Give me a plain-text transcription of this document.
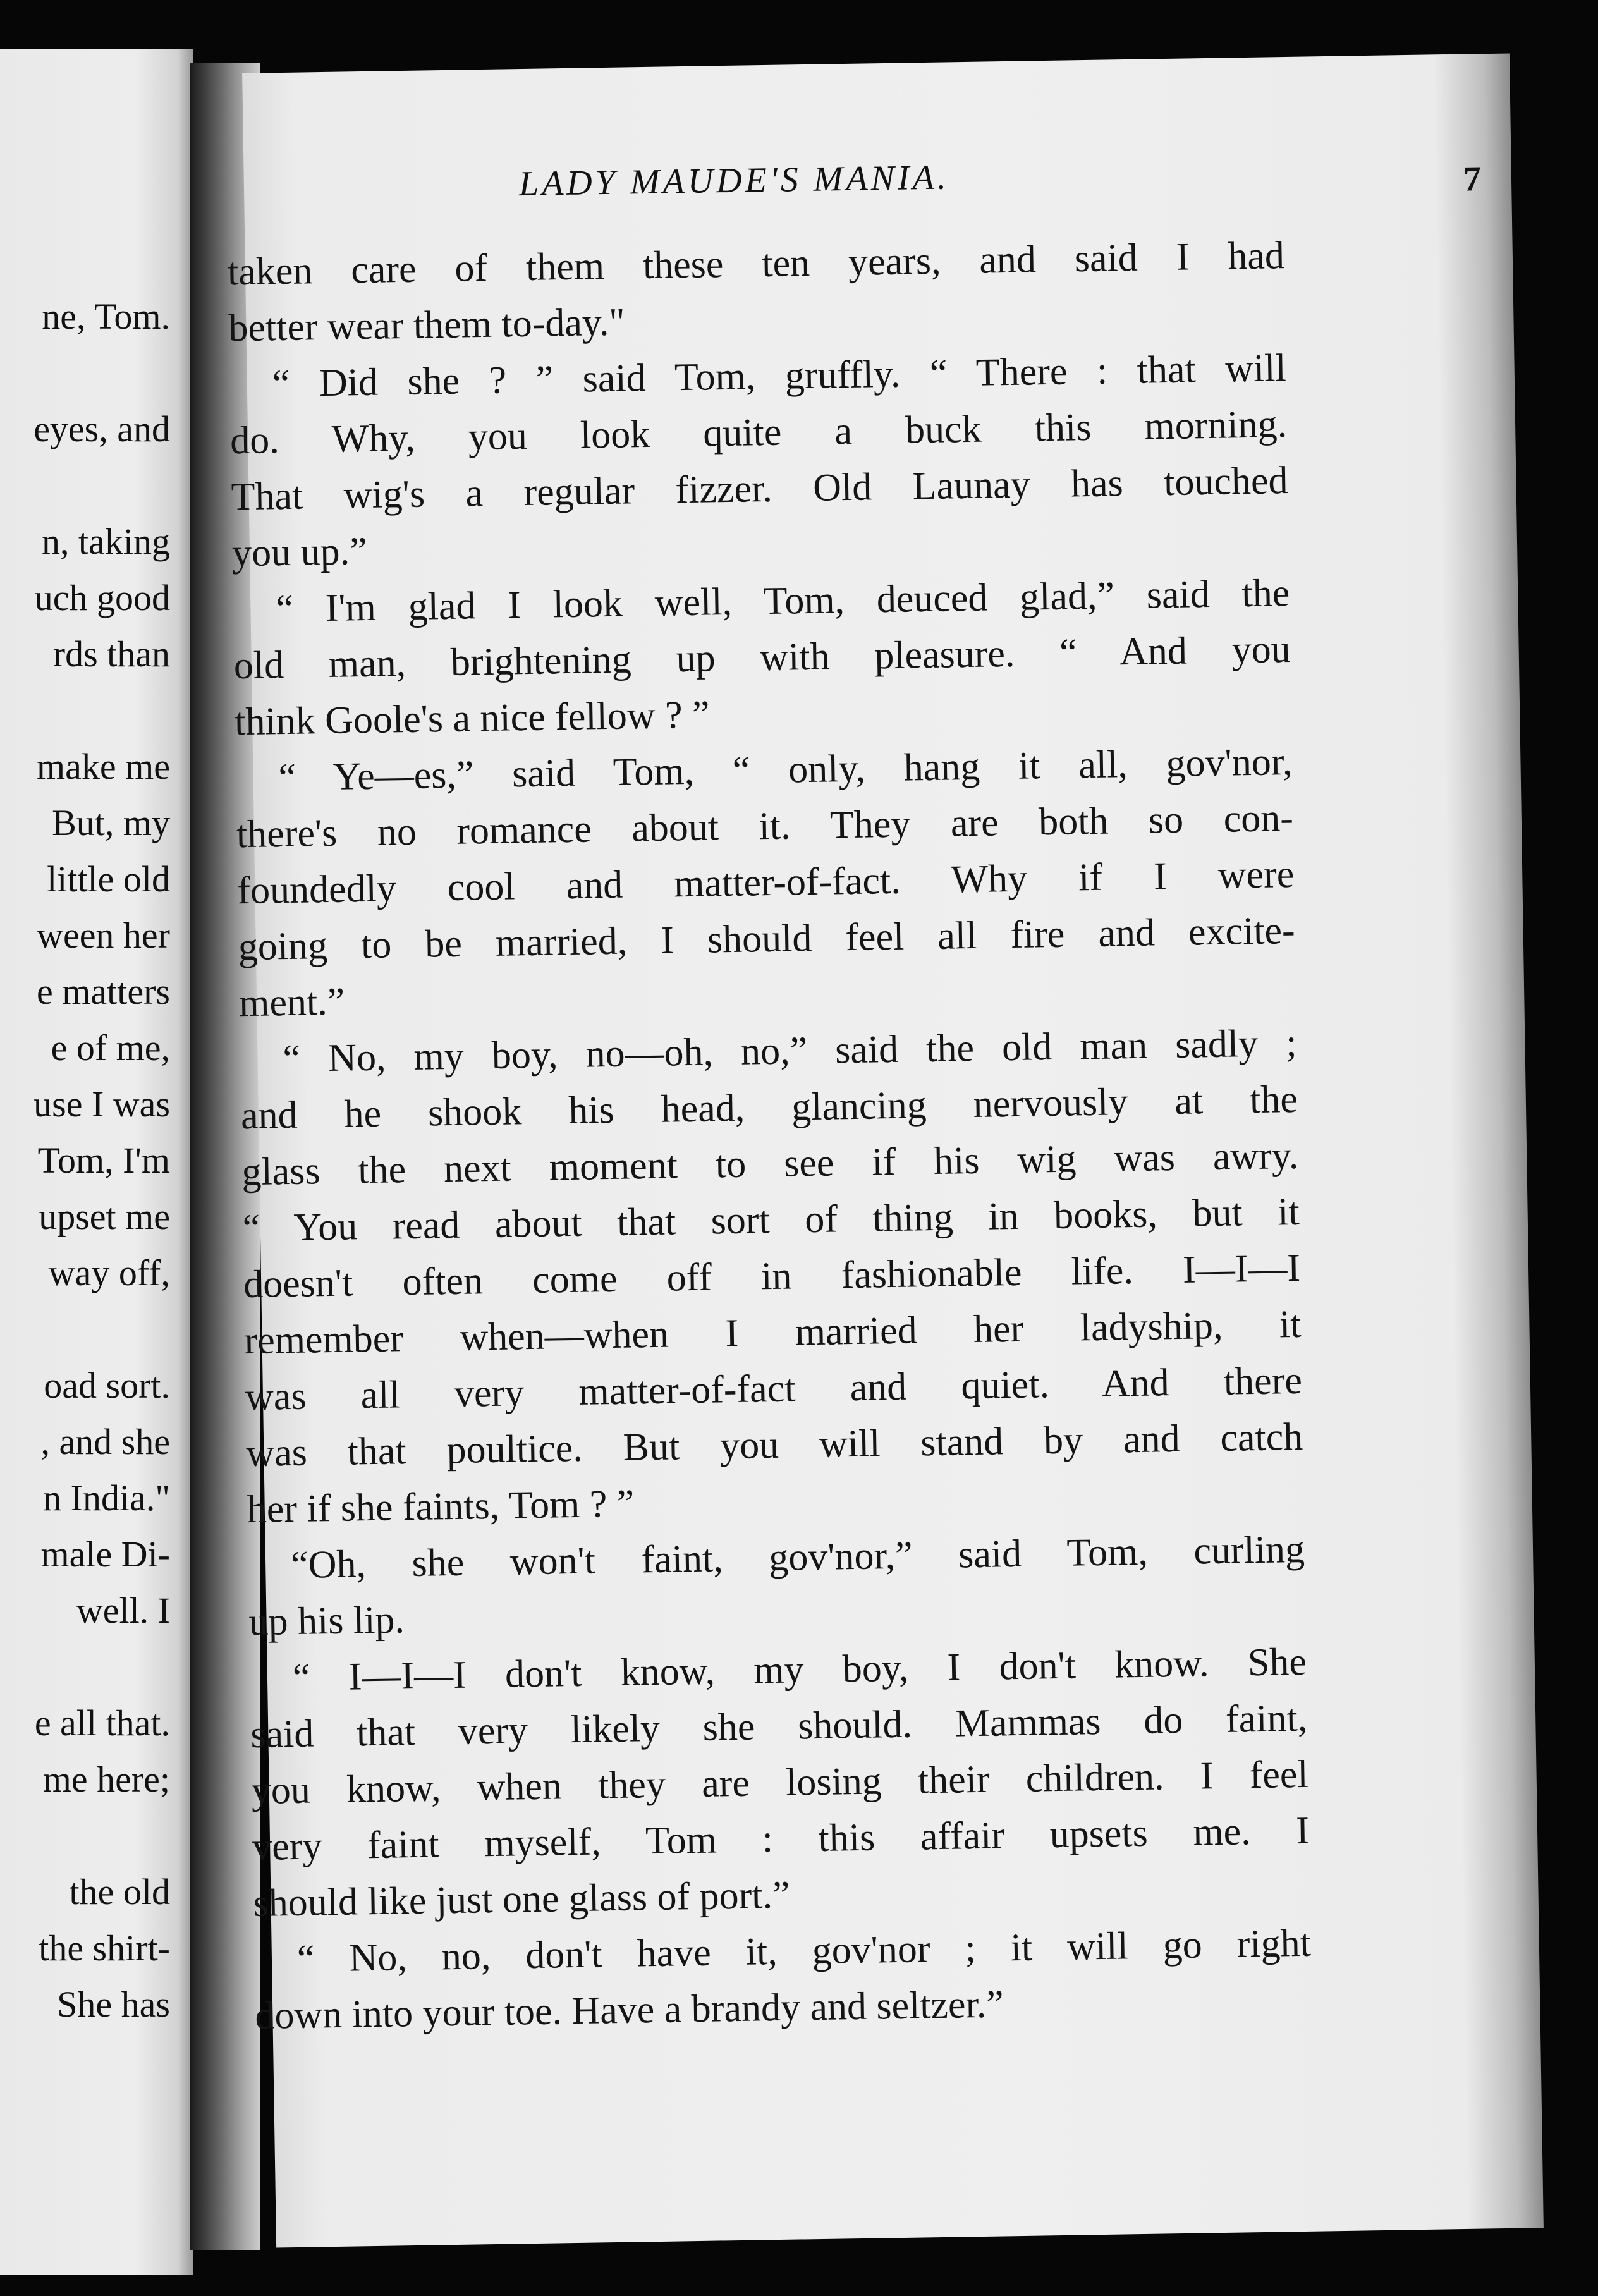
ne, Tom.
eyes, and
n, taking
uch good
rds than
make me
But, my
little old
ween her
e matters
e of me,
use I was
Tom, I'm
upset me
way off,
oad sort.
, and she
n India."
male Di-
well. I
e all that.
me here;
the old
the shirt-
She has
LADY MAUDE'S MANIA.	7
taken care of them these ten years, and said I had
better wear them to-day."
“ Did she ? ” said Tom, gruffly. “ There : that will
do. Why, you look quite a buck this morning.
That wig's a regular fizzer. Old Launay has touched
you up.”
“ I'm glad I look well, Tom, deuced glad,” said the
old man, brightening up with pleasure. “ And you
think Goole's a nice fellow ? ”
“ Ye—es,” said Tom, “ only, hang it all, gov'nor,
there's no romance about it. They are both so con-
foundedly cool and matter-of-fact. Why if I were
going to be married, I should feel all fire and excite-
ment.”
“ No, my boy, no—oh, no,” said the old man sadly ;
and he shook his head, glancing nervously at the
glass the next moment to see if his wig was awry.
“ You read about that sort of thing in books, but it
doesn't often come off in fashionable life. I—I—I
remember when—when I married her ladyship, it
was all very matter-of-fact and quiet. And there
was that poultice. But you will stand by and catch
her if she faints, Tom ? ”
“Oh, she won't faint, gov'nor,” said Tom, curling
up his lip.
“ I—I—I don't know, my boy, I don't know. She
said that very likely she should. Mammas do faint,
you know, when they are losing their children. I feel
very faint myself, Tom : this affair upsets me. I
should like just one glass of port.”
“ No, no, don't have it, gov'nor ; it will go right
down into your toe. Have a brandy and seltzer.”
